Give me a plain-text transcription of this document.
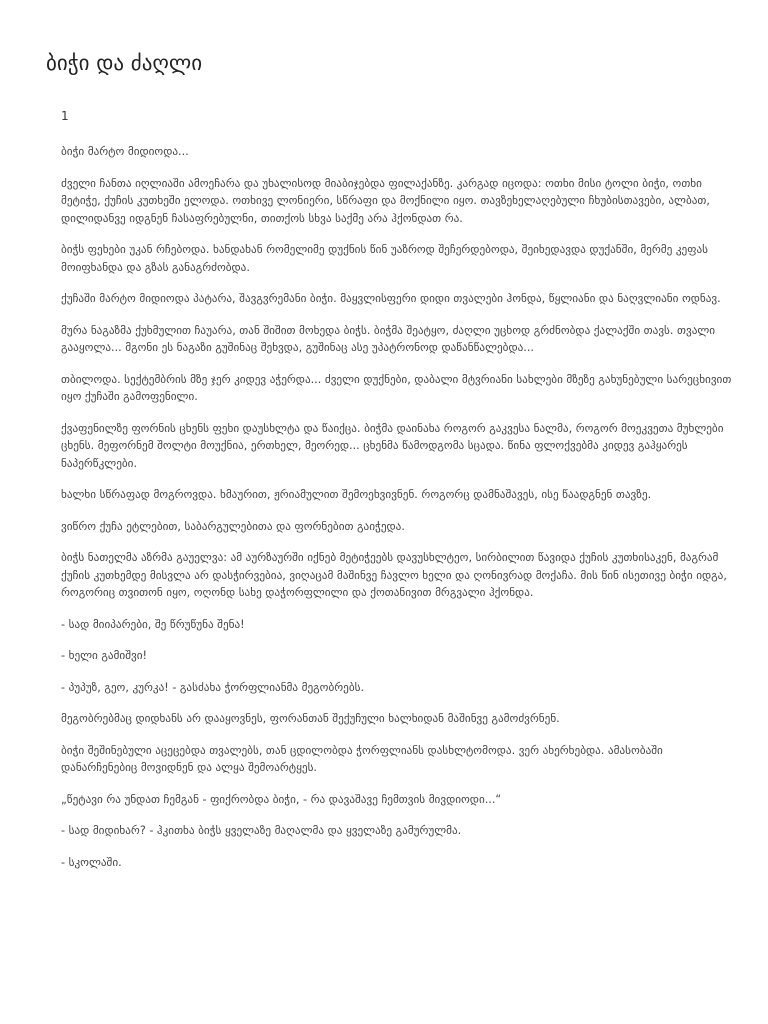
ბიჭი და ძაღლი

1

ბიჭი მარტო მიდიოდა...

ძველი ჩანთა იღლიაში ამოეჩარა და უხალისოდ მიაბიჯებდა ფილაქანზე. კარგად იცოდა: ოთხი მისი ტოლი ბიჭი, ოთხი მეტიჭე, ქუჩის კუთხეში ელოდა. ოთხივე ლონიერი, სწრაფი და მოქნილი იყო. თავზეხელაღებული ჩხუბისთავები, ალბათ, დილიდანვე იდგნენ ჩასაფრებულნი, თითქოს სხვა საქმე არა ჰქონდათ რა.

ბიჭს ფეხები უკან რჩებოდა. ხანდახან რომელიმე დუქნის წინ უაზროდ შეჩერდებოდა, შეიხედავდა დუქანში, მერმე კეფას მოიფხანდა და გზას განაგრძობდა.

ქუჩაში მარტო მიდიოდა პატარა, შავგვრემანი ბიჭი. მაყვლისფერი დიდი თვალები ჰონდა, წყლიანი და ნაღვლიანი ოდნავ.

მურა ნაგაზმა ქუხმულით ჩაუარა, თან შიშით მოხედა ბიჭს. ბიჭმა შეატყო, ძაღლი უცხოდ გრძნობდა ქალაქში თავს. თვალი გააყოლა... მგონი ეს ნაგაზი გუშინაც შეხვდა, გუშინაც ასე უპატრონოდ დაწანწალებდა...

თბილოდა. სექტემბრის მზე ჯერ კიდევ აჭერდა... ძველი დუქნები, დაბალი მტვრიანი სახლები მზეზე გახუნებული სარეცხივით იყო ქუჩაში გამოფენილი.

ქვაფენილზე ფორნის ცხენს ფეხი დაუსხლტა და წაიქცა. ბიჭმა დაინახა როგორ გაკვესა ნალმა, როგორ მოეკვეთა მუხლები ცხენს. მეფორნემ შოლტი მოუქნია, ერთხელ, მეორედ... ცხენმა წამოდგომა სცადა. წინა ფლოქვებმა კიდევ გაჰყარეს ნაპერწკლები.

ხალხი სწრაფად მოგროვდა. ხმაურით, ჟრიამულით შემოეხვივნენ. როგორც დამნაშავეს, ისე წაადგნენ თავზე.

ვიწრო ქუჩა ეტლებით, საბარგულებითა და ფორნებით გაიჭედა.

ბიჭს ნათელმა აზრმა გაუელვა: ამ აურზაურში იქნებ მეტიჭეებს დავუსხლტეო, სირბილით წავიდა ქუჩის კუთხისაკენ, მაგრამ ქუჩის კუთხემდე მისვლა არ დასჭირვებია, ვიღაცამ მაშინვე ჩავლო ხელი და ღონივრად მოქაჩა. მის წინ ისეთივე ბიჭი იდგა, როგორიც თვითონ იყო, ოღონდ სახე დაჭორფლილი და ქოთანივით მრგვალი ჰქონდა.

- სად მიიპარები, შე წრუწუნა შენა!

- ხელი გამიშვი!

- პუპუზ, გეო, კურკა! - გასძახა ჭორფლიანმა მეგობრებს.

მეგობრებმაც დიდხანს არ დააყოვნეს, ფორანთან შექუჩული ხალხიდან მაშინვე გამოძვრნენ.

ბიჭი შეშინებული აცეცებდა თვალებს, თან ცდილობდა ჭორფლიანს დასხლტომოდა. ვერ ახერხებდა. ამასობაში დანარჩენებიც მოვიდნენ და ალყა შემოარტყეს.

„წეტავი რა უნდათ ჩემგან - ფიქრობდა ბიჭი, - რა დავაშავე ჩემთვის მივდიოდი...“

- სად მიდიხარ? - ჰკითხა ბიჭს ყველაზე მაღალმა და ყველაზე გამურულმა.

- სკოლაში.
